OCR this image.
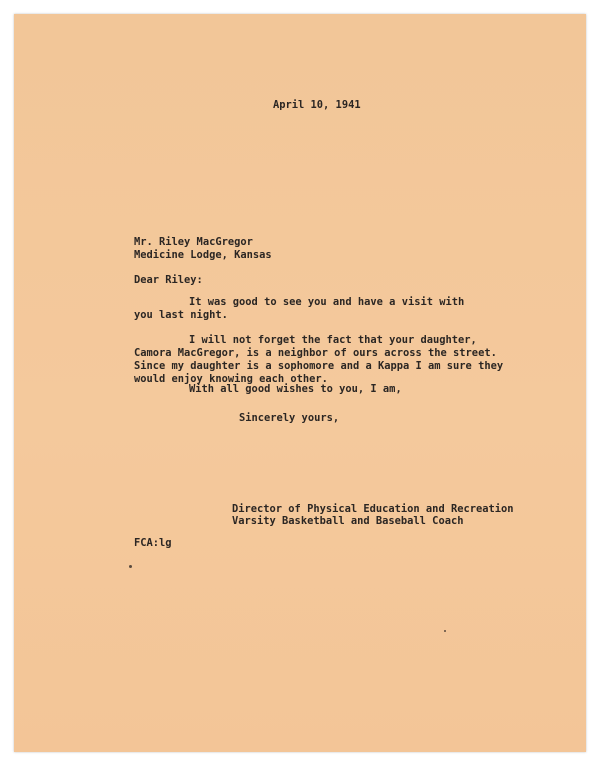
April 10, 1941
Mr. Riley MacGregor
Medicine Lodge, Kansas
Dear Riley:
It was good to see you and have a visit with
you last night.
I will not forget the fact that your daughter,
Camora MacGregor, is a neighbor of ours across the street.
Since my daughter is a sophomore and a Kappa I am sure they
would enjoy knowing each other.
With all good wishes to you, I am,
Sincerely yours,
Director of Physical Education and Recreation
Varsity Basketball and Baseball Coach
FCA:lg
